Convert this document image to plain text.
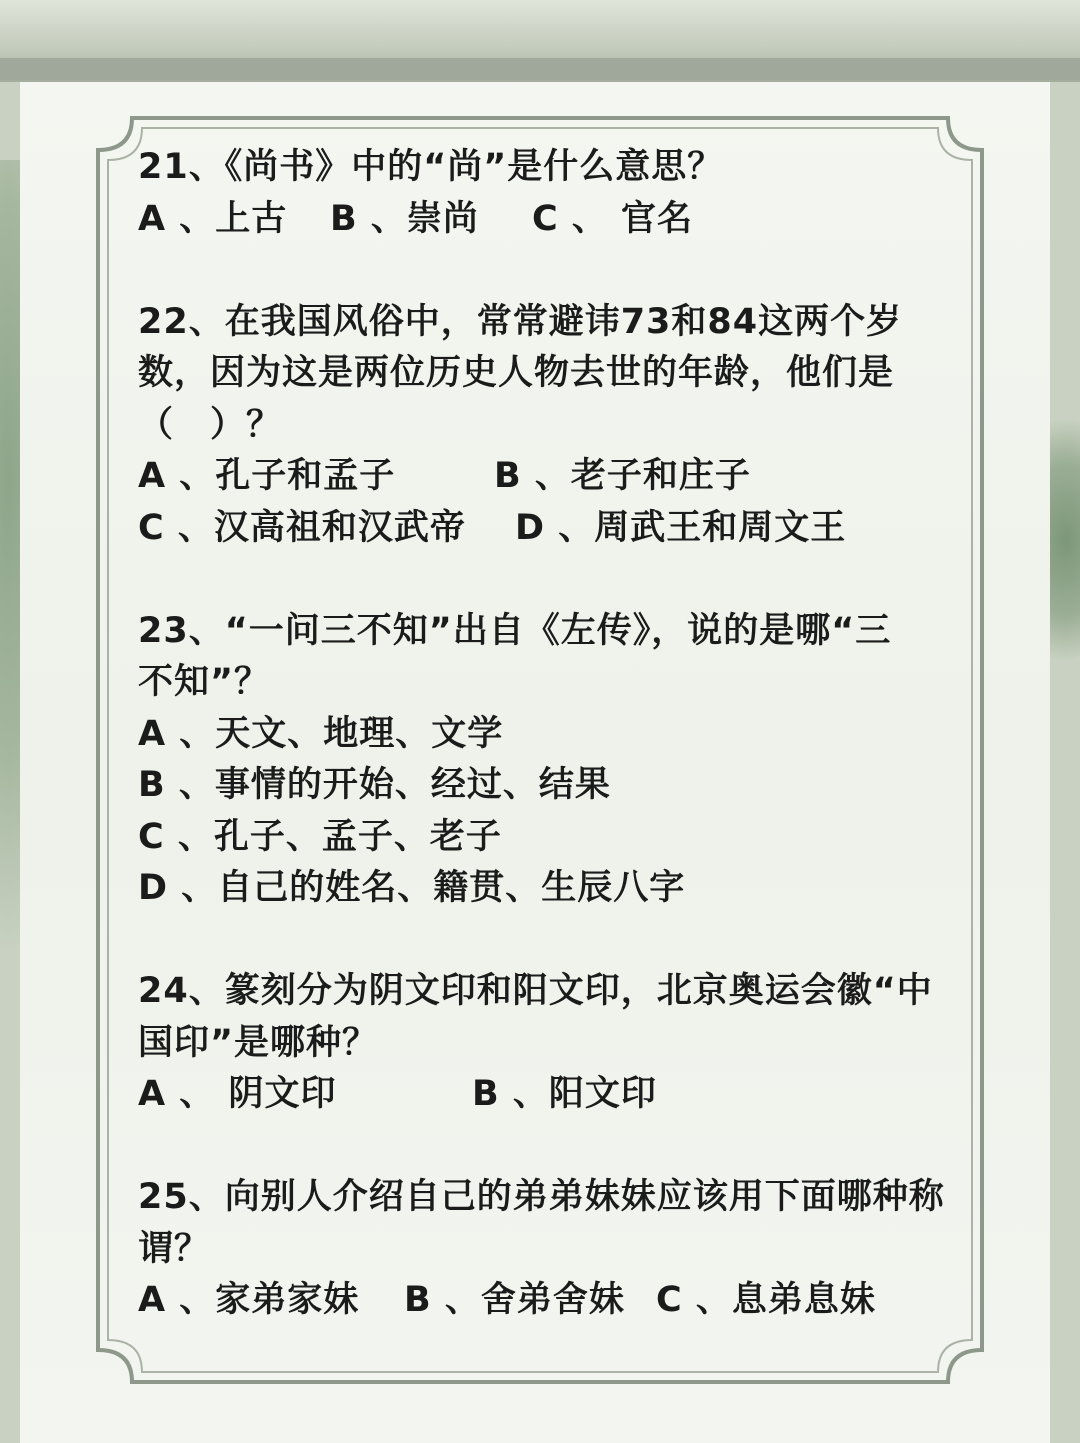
21、《尚书》中的“尚”是什么意思？
A 、上古 B 、崇尚 C 、 官名
22、在我国风俗中，常常避讳73和84这两个岁
数，因为这是两位历史人物去世的年龄，他们是
（　）？
A 、孔子和孟子	B 、老子和庄子
C 、汉高祖和汉武帝 D 、周武王和周文王
23、“一问三不知”出自《左传》，说的是哪“三
不知”？
A 、天文、地理、文学
B 、事情的开始、经过、结果
C 、孔子、孟子、老子
D 、自己的姓名、籍贯、生辰八字
24、篆刻分为阴文印和阳文印，北京奥运会徽“中
国印”是哪种？
A 、 阴文印	B 、阳文印
25、向别人介绍自己的弟弟妹妹应该用下面哪种称
谓？
A 、家弟家妹 B 、舍弟舍妹 C 、息弟息妹
